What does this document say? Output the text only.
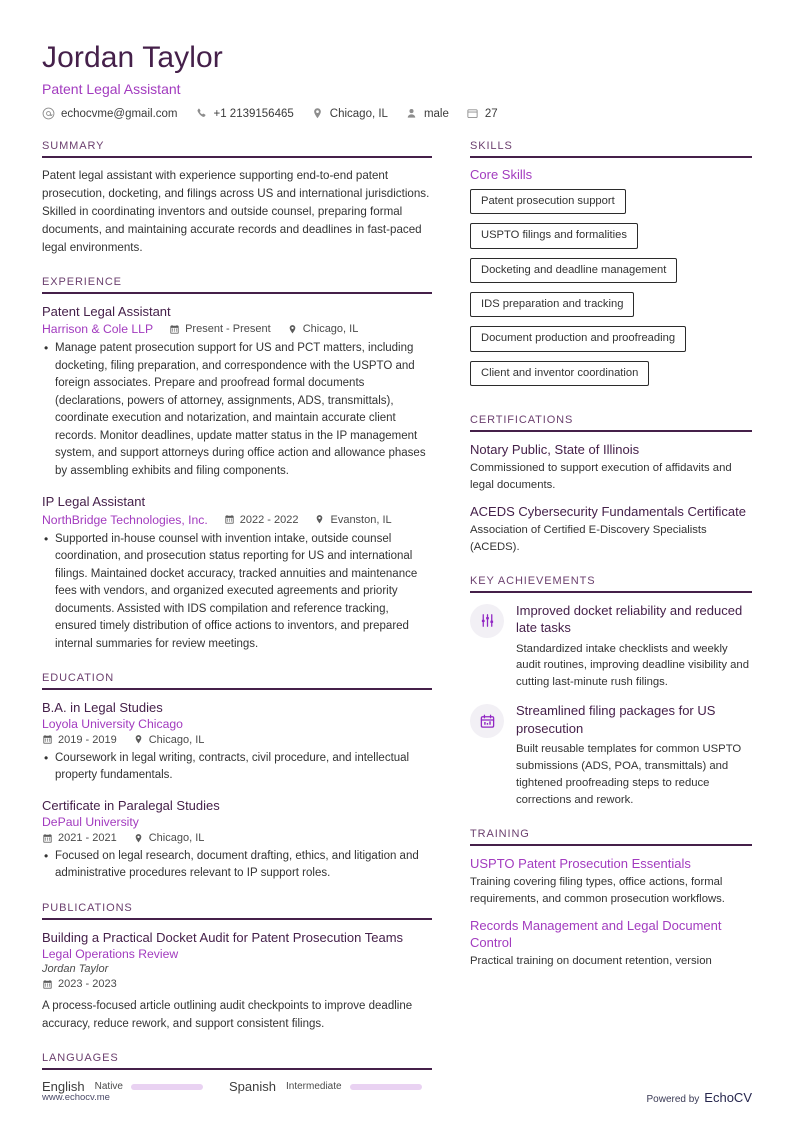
Jordan Taylor
Patent Legal Assistant
echocvme@gmail.com	+1 2139156465	Chicago, IL	male	27
SUMMARY
Patent legal assistant with experience supporting end-to-end patent prosecution, docketing, and filings across US and international jurisdictions. Skilled in coordinating inventors and outside counsel, preparing formal documents, and maintaining accurate records and deadlines in fast-paced legal environments.
EXPERIENCE
Patent Legal Assistant
Harrison & Cole LLP	Present - Present	Chicago, IL
• Manage patent prosecution support for US and PCT matters, including docketing, filing preparation, and correspondence with the USPTO and foreign associates. Prepare and proofread formal documents (declarations, powers of attorney, assignments, ADS, transmittals), coordinate execution and notarization, and maintain accurate client records. Monitor deadlines, update matter status in the IP management system, and support attorneys during office action and allowance phases by assembling exhibits and filing components.
IP Legal Assistant
NorthBridge Technologies, Inc.	2022 - 2022	Evanston, IL
• Supported in-house counsel with invention intake, outside counsel coordination, and prosecution status reporting for US and international filings. Maintained docket accuracy, tracked annuities and maintenance fees with vendors, and organized executed agreements and priority documents. Assisted with IDS compilation and reference tracking, ensured timely distribution of office actions to inventors, and prepared internal summaries for review meetings.
EDUCATION
B.A. in Legal Studies
Loyola University Chicago
2019 - 2019	Chicago, IL
• Coursework in legal writing, contracts, civil procedure, and intellectual property fundamentals.
Certificate in Paralegal Studies
DePaul University
2021 - 2021	Chicago, IL
• Focused on legal research, document drafting, ethics, and litigation and administrative procedures relevant to IP support roles.
PUBLICATIONS
Building a Practical Docket Audit for Patent Prosecution Teams
Legal Operations Review
Jordan Taylor
2023 - 2023
A process-focused article outlining audit checkpoints to improve deadline accuracy, reduce rework, and support consistent filings.
LANGUAGES
English Native	Spanish Intermediate
SKILLS
Core Skills
Patent prosecution support
USPTO filings and formalities
Docketing and deadline management
IDS preparation and tracking
Document production and proofreading
Client and inventor coordination
CERTIFICATIONS
Notary Public, State of Illinois
Commissioned to support execution of affidavits and legal documents.
ACEDS Cybersecurity Fundamentals Certificate
Association of Certified E-Discovery Specialists (ACEDS).
KEY ACHIEVEMENTS
Improved docket reliability and reduced late tasks
Standardized intake checklists and weekly audit routines, improving deadline visibility and cutting last-minute rush filings.
Streamlined filing packages for US prosecution
Built reusable templates for common USPTO submissions (ADS, POA, transmittals) and tightened proofreading steps to reduce corrections and rework.
TRAINING
USPTO Patent Prosecution Essentials
Training covering filing types, office actions, formal requirements, and common prosecution workflows.
Records Management and Legal Document Control
Practical training on document retention, version
www.echocv.me	Powered by EchoCV
